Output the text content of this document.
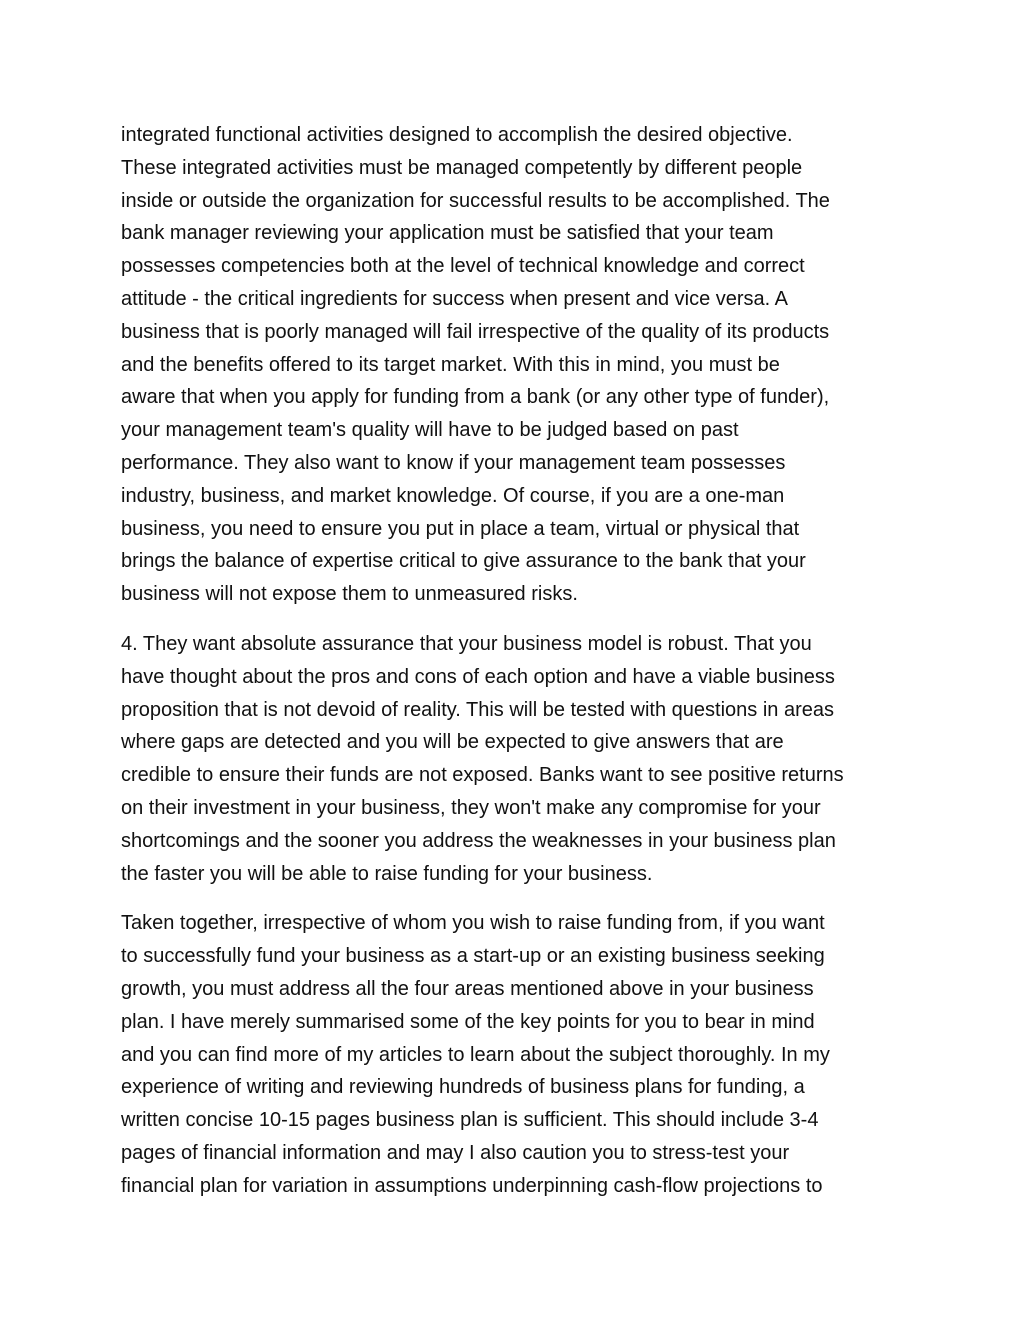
integrated functional activities designed to accomplish the desired objective.
These integrated activities must be managed competently by different people
inside or outside the organization for successful results to be accomplished. The
bank manager reviewing your application must be satisfied that your team
possesses competencies both at the level of technical knowledge and correct
attitude - the critical ingredients for success when present and vice versa. A
business that is poorly managed will fail irrespective of the quality of its products
and the benefits offered to its target market. With this in mind, you must be
aware that when you apply for funding from a bank (or any other type of funder),
your management team's quality will have to be judged based on past
performance. They also want to know if your management team possesses
industry, business, and market knowledge. Of course, if you are a one-man
business, you need to ensure you put in place a team, virtual or physical that
brings the balance of expertise critical to give assurance to the bank that your
business will not expose them to unmeasured risks.

4. They want absolute assurance that your business model is robust. That you
have thought about the pros and cons of each option and have a viable business
proposition that is not devoid of reality. This will be tested with questions in areas
where gaps are detected and you will be expected to give answers that are
credible to ensure their funds are not exposed. Banks want to see positive returns
on their investment in your business, they won't make any compromise for your
shortcomings and the sooner you address the weaknesses in your business plan
the faster you will be able to raise funding for your business.

Taken together, irrespective of whom you wish to raise funding from, if you want
to successfully fund your business as a start-up or an existing business seeking
growth, you must address all the four areas mentioned above in your business
plan. I have merely summarised some of the key points for you to bear in mind
and you can find more of my articles to learn about the subject thoroughly. In my
experience of writing and reviewing hundreds of business plans for funding, a
written concise 10-15 pages business plan is sufficient. This should include 3-4
pages of financial information and may I also caution you to stress-test your
financial plan for variation in assumptions underpinning cash-flow projections to
